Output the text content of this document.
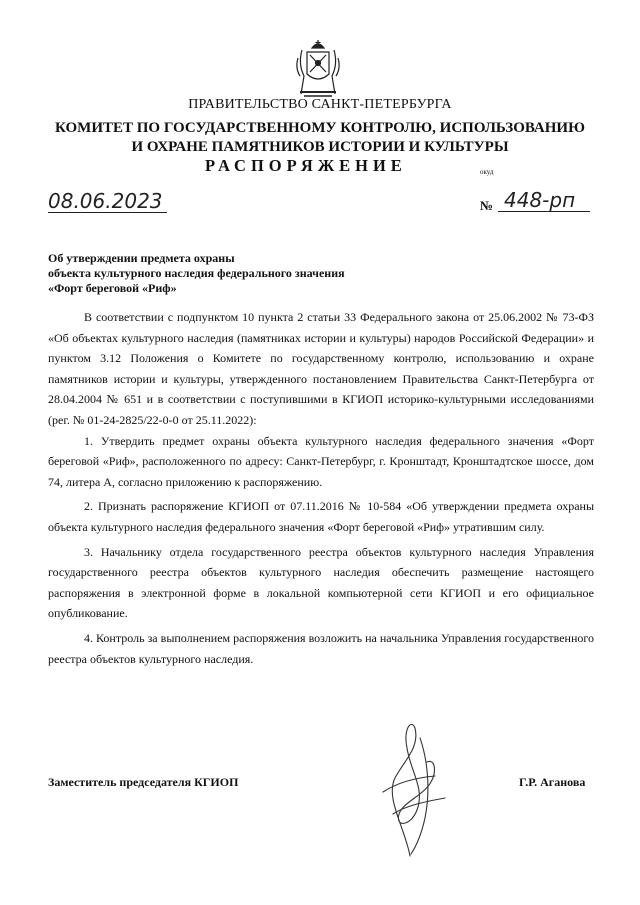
ПРАВИТЕЛЬСТВО САНКТ-ПЕТЕРБУРГА
КОМИТЕТ ПО ГОСУДАРСТВЕННОМУ КОНТРОЛЮ, ИСПОЛЬЗОВАНИЮ
И ОХРАНЕ ПАМЯТНИКОВ ИСТОРИИ И КУЛЬТУРЫ
РАСПОРЯЖЕНИЕ	окуд
08.06.2023	№ 448-рп
Об утверждении предмета охраны
объекта культурного наследия федерального значения
«Форт береговой «Риф»

В соответствии с подпунктом 10 пункта 2 статьи 33 Федерального закона от 25.06.2002 № 73-ФЗ «Об объектах культурного наследия (памятниках истории и культуры) народов Российской Федерации» и пунктом 3.12 Положения о Комитете по государственному контролю, использованию и охране памятников истории и культуры, утвержденного постановлением Правительства Санкт-Петербурга от 28.04.2004 № 651 и в соответствии с поступившими в КГИОП историко-культурными исследованиями (рег. № 01-24-2825/22-0-0 от 25.11.2022):

1. Утвердить предмет охраны объекта культурного наследия федерального значения «Форт береговой «Риф», расположенного по адресу: Санкт-Петербург, г. Кронштадт, Кронштадтское шоссе, дом 74, литера А, согласно приложению к распоряжению.

2. Признать распоряжение КГИОП от 07.11.2016 № 10-584 «Об утверждении предмета охраны объекта культурного наследия федерального значения «Форт береговой «Риф» утратившим силу.

3. Начальнику отдела государственного реестра объектов культурного наследия Управления государственного реестра объектов культурного наследия обеспечить размещение настоящего распоряжения в электронной форме в локальной компьютерной сети КГИОП и его официальное опубликование.

4. Контроль за выполнением распоряжения возложить на начальника Управления государственного реестра объектов культурного наследия.

Заместитель председателя КГИОП	Г.Р. Аганова
